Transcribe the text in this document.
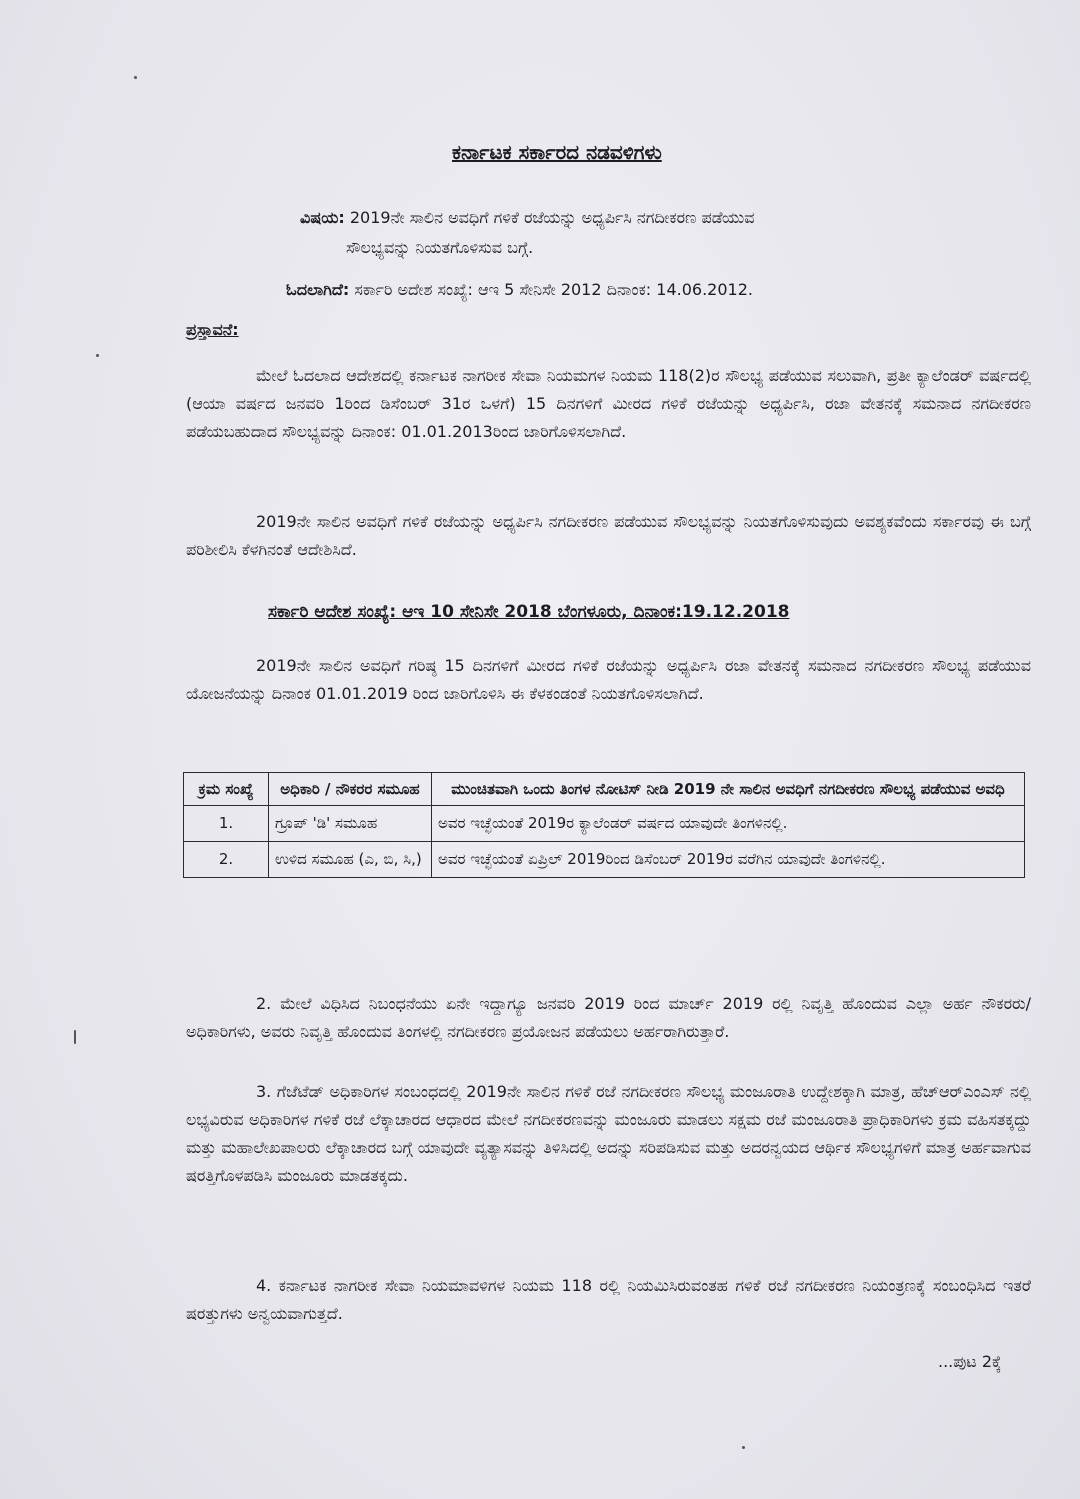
ಕರ್ನಾಟಕ ಸರ್ಕಾರದ ನಡವಳಿಗಳು
ವಿಷಯ: 2019ನೇ ಸಾಲಿನ ಅವಧಿಗೆ ಗಳಿಕೆ ರಜೆಯನ್ನು ಅಧ್ಯರ್ಪಿಸಿ ನಗದೀಕರಣ ಪಡೆಯುವ
ಸೌಲಭ್ಯವನ್ನು ನಿಯತಗೊಳಿಸುವ ಬಗ್ಗೆ.
ಓದಲಾಗಿದೆ: ಸರ್ಕಾರಿ ಅದೇಶ ಸಂಖ್ಯೆ: ಆಇ 5 ಸೇನಿಸೇ 2012 ದಿನಾಂಕ: 14.06.2012.
ಪ್ರಸ್ತಾವನೆ:
ಮೇಲೆ ಓದಲಾದ ಆದೇಶದಲ್ಲಿ ಕರ್ನಾಟಕ ನಾಗರೀಕ ಸೇವಾ ನಿಯಮಗಳ ನಿಯಮ 118(2)ರ ಸೌಲಭ್ಯ ಪಡೆಯುವ ಸಲುವಾಗಿ, ಪ್ರತೀ ಕ್ಯಾಲೆಂಡರ್ ವರ್ಷದಲ್ಲಿ (ಆಯಾ ವರ್ಷದ ಜನವರಿ 1ರಿಂದ ಡಿಸೆಂಬರ್ 31ರ ಒಳಗೆ) 15 ದಿನಗಳಿಗೆ ಮೀರದ ಗಳಿಕೆ ರಜೆಯನ್ನು ಅಧ್ಯರ್ಪಿಸಿ, ರಜಾ ವೇತನಕ್ಕೆ ಸಮನಾದ ನಗದೀಕರಣ ಪಡೆಯಬಹುದಾದ ಸೌಲಭ್ಯವನ್ನು ದಿನಾಂಕ: 01.01.2013ರಿಂದ ಜಾರಿಗೊಳಿಸಲಾಗಿದೆ.
2019ನೇ ಸಾಲಿನ ಅವಧಿಗೆ ಗಳಿಕೆ ರಜೆಯನ್ನು ಅಧ್ಯರ್ಪಿಸಿ ನಗದೀಕರಣ ಪಡೆಯುವ ಸೌಲಭ್ಯವನ್ನು ನಿಯತಗೊಳಿಸುವುದು ಅವಶ್ಯಕವೆಂದು ಸರ್ಕಾರವು ಈ ಬಗ್ಗೆ ಪರಿಶೀಲಿಸಿ ಕೆಳಗಿನಂತೆ ಆದೇಶಿಸಿದೆ.
ಸರ್ಕಾರಿ ಆದೇಶ ಸಂಖ್ಯೆ: ಆಇ 10 ಸೇನಿಸೇ 2018 ಬೆಂಗಳೂರು, ದಿನಾಂಕ:19.12.2018
2019ನೇ ಸಾಲಿನ ಅವಧಿಗೆ ಗರಿಷ್ಠ 15 ದಿನಗಳಿಗೆ ಮೀರದ ಗಳಿಕೆ ರಜೆಯನ್ನು ಅಧ್ಯರ್ಪಿಸಿ ರಜಾ ವೇತನಕ್ಕೆ ಸಮನಾದ ನಗದೀಕರಣ ಸೌಲಭ್ಯ ಪಡೆಯುವ ಯೋಜನೆಯನ್ನು ದಿನಾಂಕ 01.01.2019 ರಿಂದ ಜಾರಿಗೊಳಿಸಿ ಈ ಕೆಳಕಂಡಂತೆ ನಿಯತಗೊಳಿಸಲಾಗಿದೆ.
ಕ್ರಮ ಸಂಖ್ಯೆ	ಅಧಿಕಾರಿ / ನೌಕರರ ಸಮೂಹ	ಮುಂಚಿತವಾಗಿ ಒಂದು ತಿಂಗಳ ನೋಟಿಸ್ ನೀಡಿ 2019 ನೇ ಸಾಲಿನ ಅವಧಿಗೆ ನಗದೀಕರಣ ಸೌಲಭ್ಯ ಪಡೆಯುವ ಅವಧಿ
1.	ಗ್ರೂಪ್ 'ಡಿ' ಸಮೂಹ	ಅವರ ಇಚ್ಛೆಯಂತೆ 2019ರ ಕ್ಯಾಲೆಂಡರ್ ವರ್ಷದ ಯಾವುದೇ ತಿಂಗಳಿನಲ್ಲಿ.
2.	ಉಳಿದ ಸಮೂಹ (ಎ, ಬಿ, ಸಿ,)	ಅವರ ಇಚ್ಛೆಯಂತೆ ಏಪ್ರಿಲ್ 2019ರಿಂದ ಡಿಸೆಂಬರ್ 2019ರ ವರೆಗಿನ ಯಾವುದೇ ತಿಂಗಳಿನಲ್ಲಿ.
2. ಮೇಲೆ ವಿಧಿಸಿದ ನಿಬಂಧನೆಯು ಏನೇ ಇದ್ದಾಗ್ಯೂ ಜನವರಿ 2019 ರಿಂದ ಮಾರ್ಚ್ 2019 ರಲ್ಲಿ ನಿವೃತ್ತಿ ಹೊಂದುವ ಎಲ್ಲಾ ಅರ್ಹ ನೌಕರರು/ ಅಧಿಕಾರಿಗಳು, ಅವರು ನಿವೃತ್ತಿ ಹೊಂದುವ ತಿಂಗಳಲ್ಲಿ ನಗದೀಕರಣ ಪ್ರಯೋಜನ ಪಡೆಯಲು ಅರ್ಹರಾಗಿರುತ್ತಾರೆ.
3. ಗೆಜೆಟೆಡ್ ಅಧಿಕಾರಿಗಳ ಸಂಬಂಧದಲ್ಲಿ 2019ನೇ ಸಾಲಿನ ಗಳಿಕೆ ರಜೆ ನಗದೀಕರಣ ಸೌಲಭ್ಯ ಮಂಜೂರಾತಿ ಉದ್ದೇಶಕ್ಕಾಗಿ ಮಾತ್ರ, ಹೆಚ್‌ಆರ್‌ಎಂಎಸ್ ನಲ್ಲಿ ಲಭ್ಯವಿರುವ ಅಧಿಕಾರಿಗಳ ಗಳಿಕೆ ರಜೆ ಲೆಕ್ಕಾಚಾರದ ಆಧಾರದ ಮೇಲೆ ನಗದೀಕರಣವನ್ನು ಮಂಜೂರು ಮಾಡಲು ಸಕ್ಷಮ ರಜೆ ಮಂಜೂರಾತಿ ಪ್ರಾಧಿಕಾರಿಗಳು ಕ್ರಮ ವಹಿಸತಕ್ಕದ್ದು ಮತ್ತು ಮಹಾಲೇಖಪಾಲರು ಲೆಕ್ಕಾಚಾರದ ಬಗ್ಗೆ ಯಾವುದೇ ವ್ಯತ್ಯಾಸವನ್ನು ತಿಳಿಸಿದಲ್ಲಿ ಅದನ್ನು ಸರಿಪಡಿಸುವ ಮತ್ತು ಅದರನ್ವಯದ ಆರ್ಥಿಕ ಸೌಲಭ್ಯಗಳಿಗೆ ಮಾತ್ರ ಅರ್ಹವಾಗುವ ಷರತ್ತಿಗೊಳಪಡಿಸಿ ಮಂಜೂರು ಮಾಡತಕ್ಕದು.
4. ಕರ್ನಾಟಕ ನಾಗರೀಕ ಸೇವಾ ನಿಯಮಾವಳಿಗಳ ನಿಯಮ 118 ರಲ್ಲಿ ನಿಯಮಿಸಿರುವಂತಹ ಗಳಿಕೆ ರಜೆ ನಗದೀಕರಣ ನಿಯಂತ್ರಣಕ್ಕೆ ಸಂಬಂಧಿಸಿದ ಇತರೆ ಷರತ್ತುಗಳು ಅನ್ವಯವಾಗುತ್ತದೆ.
...ಪುಟ 2ಕ್ಕೆ
